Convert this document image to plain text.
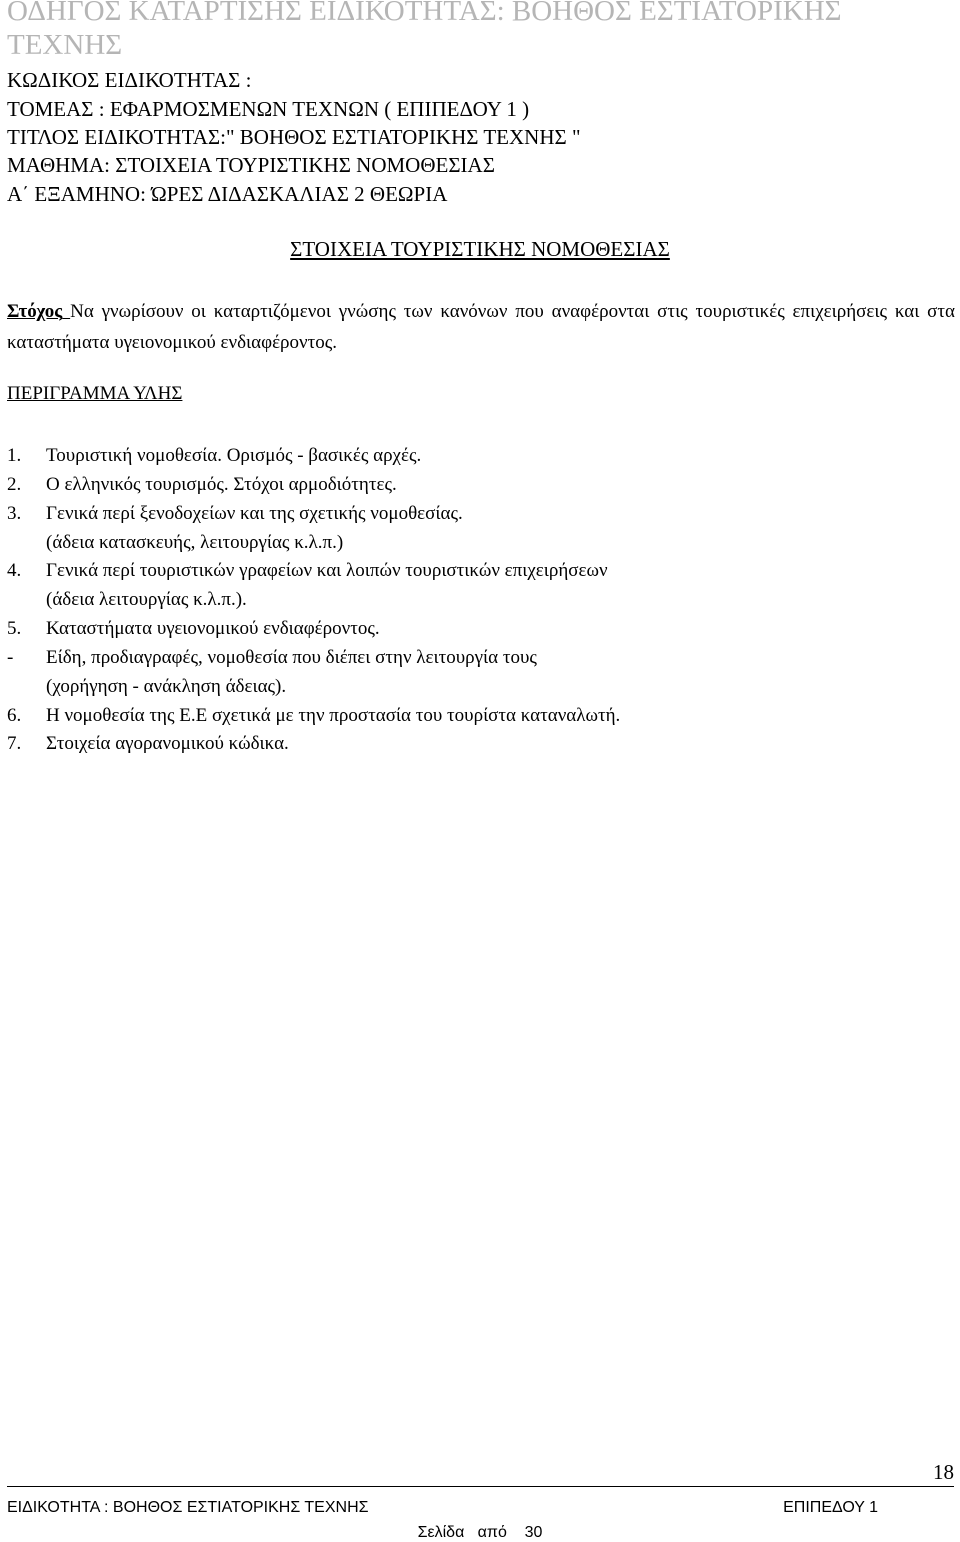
ΟΔΗΓΟΣ ΚΑΤΑΡΤΙΣΗΣ ΕΙΔΙΚΟΤΗΤΑΣ: ΒΟΗΘΟΣ ΕΣΤΙΑΤΟΡΙΚΗΣ ΤΕΧΝΗΣ
ΚΩΔΙΚΟΣ ΕΙΔΙΚΟΤΗΤΑΣ :
ΤΟΜΕΑΣ : ΕΦΑΡΜΟΣΜΕΝΩΝ ΤΕΧΝΩΝ ( ΕΠΙΠΕΔΟΥ 1 )
ΤΙΤΛΟΣ ΕΙΔΙΚΟΤΗΤΑΣ:" ΒΟΗΘΟΣ ΕΣΤΙΑΤΟΡΙΚΗΣ ΤΕΧΝΗΣ "
ΜΑΘΗΜΑ: ΣΤΟΙΧΕΙΑ ΤΟΥΡΙΣΤΙΚΗΣ ΝΟΜΟΘΕΣΙΑΣ
Α΄ ΕΞΑΜΗΝΟ: ΏΡΕΣ ΔΙΔΑΣΚΑΛΙΑΣ 2 ΘΕΩΡΙΑ
ΣΤΟΙΧΕΙΑ ΤΟΥΡΙΣΤΙΚΗΣ ΝΟΜΟΘΕΣΙΑΣ
Στόχος Να γνωρίσουν οι καταρτιζόμενοι γνώσης των κανόνων που αναφέρονται στις τουριστικές επιχειρήσεις και στα καταστήματα υγειονομικού ενδιαφέροντος.
ΠΕΡΙΓΡΑΜΜΑ ΥΛΗΣ
1. Τουριστική νομοθεσία. Ορισμός - βασικές αρχές.
2. Ο ελληνικός τουρισμός. Στόχοι αρμοδιότητες.
3. Γενικά περί ξενοδοχείων και της σχετικής νομοθεσίας.
(άδεια κατασκευής, λειτουργίας κ.λ.π.)
4. Γενικά περί τουριστικών γραφείων και λοιπών τουριστικών επιχειρήσεων
(άδεια λειτουργίας κ.λ.π.).
5. Καταστήματα υγειονομικού ενδιαφέροντος.
- Είδη, προδιαγραφές, νομοθεσία που διέπει στην λειτουργία τους
(χορήγηση - ανάκληση άδειας).
6. Η νομοθεσία της Ε.Ε σχετικά με την προστασία του τουρίστα καταναλωτή.
7. Στοιχεία αγορανομικού κώδικα.
18
ΕΙΔΙΚΟΤΗΤΑ : ΒΟΗΘΟΣ ΕΣΤΙΑΤΟΡΙΚΗΣ ΤΕΧΝΗΣ	ΕΠΙΠΕΔΟΥ 1
Σελίδα   από    30
